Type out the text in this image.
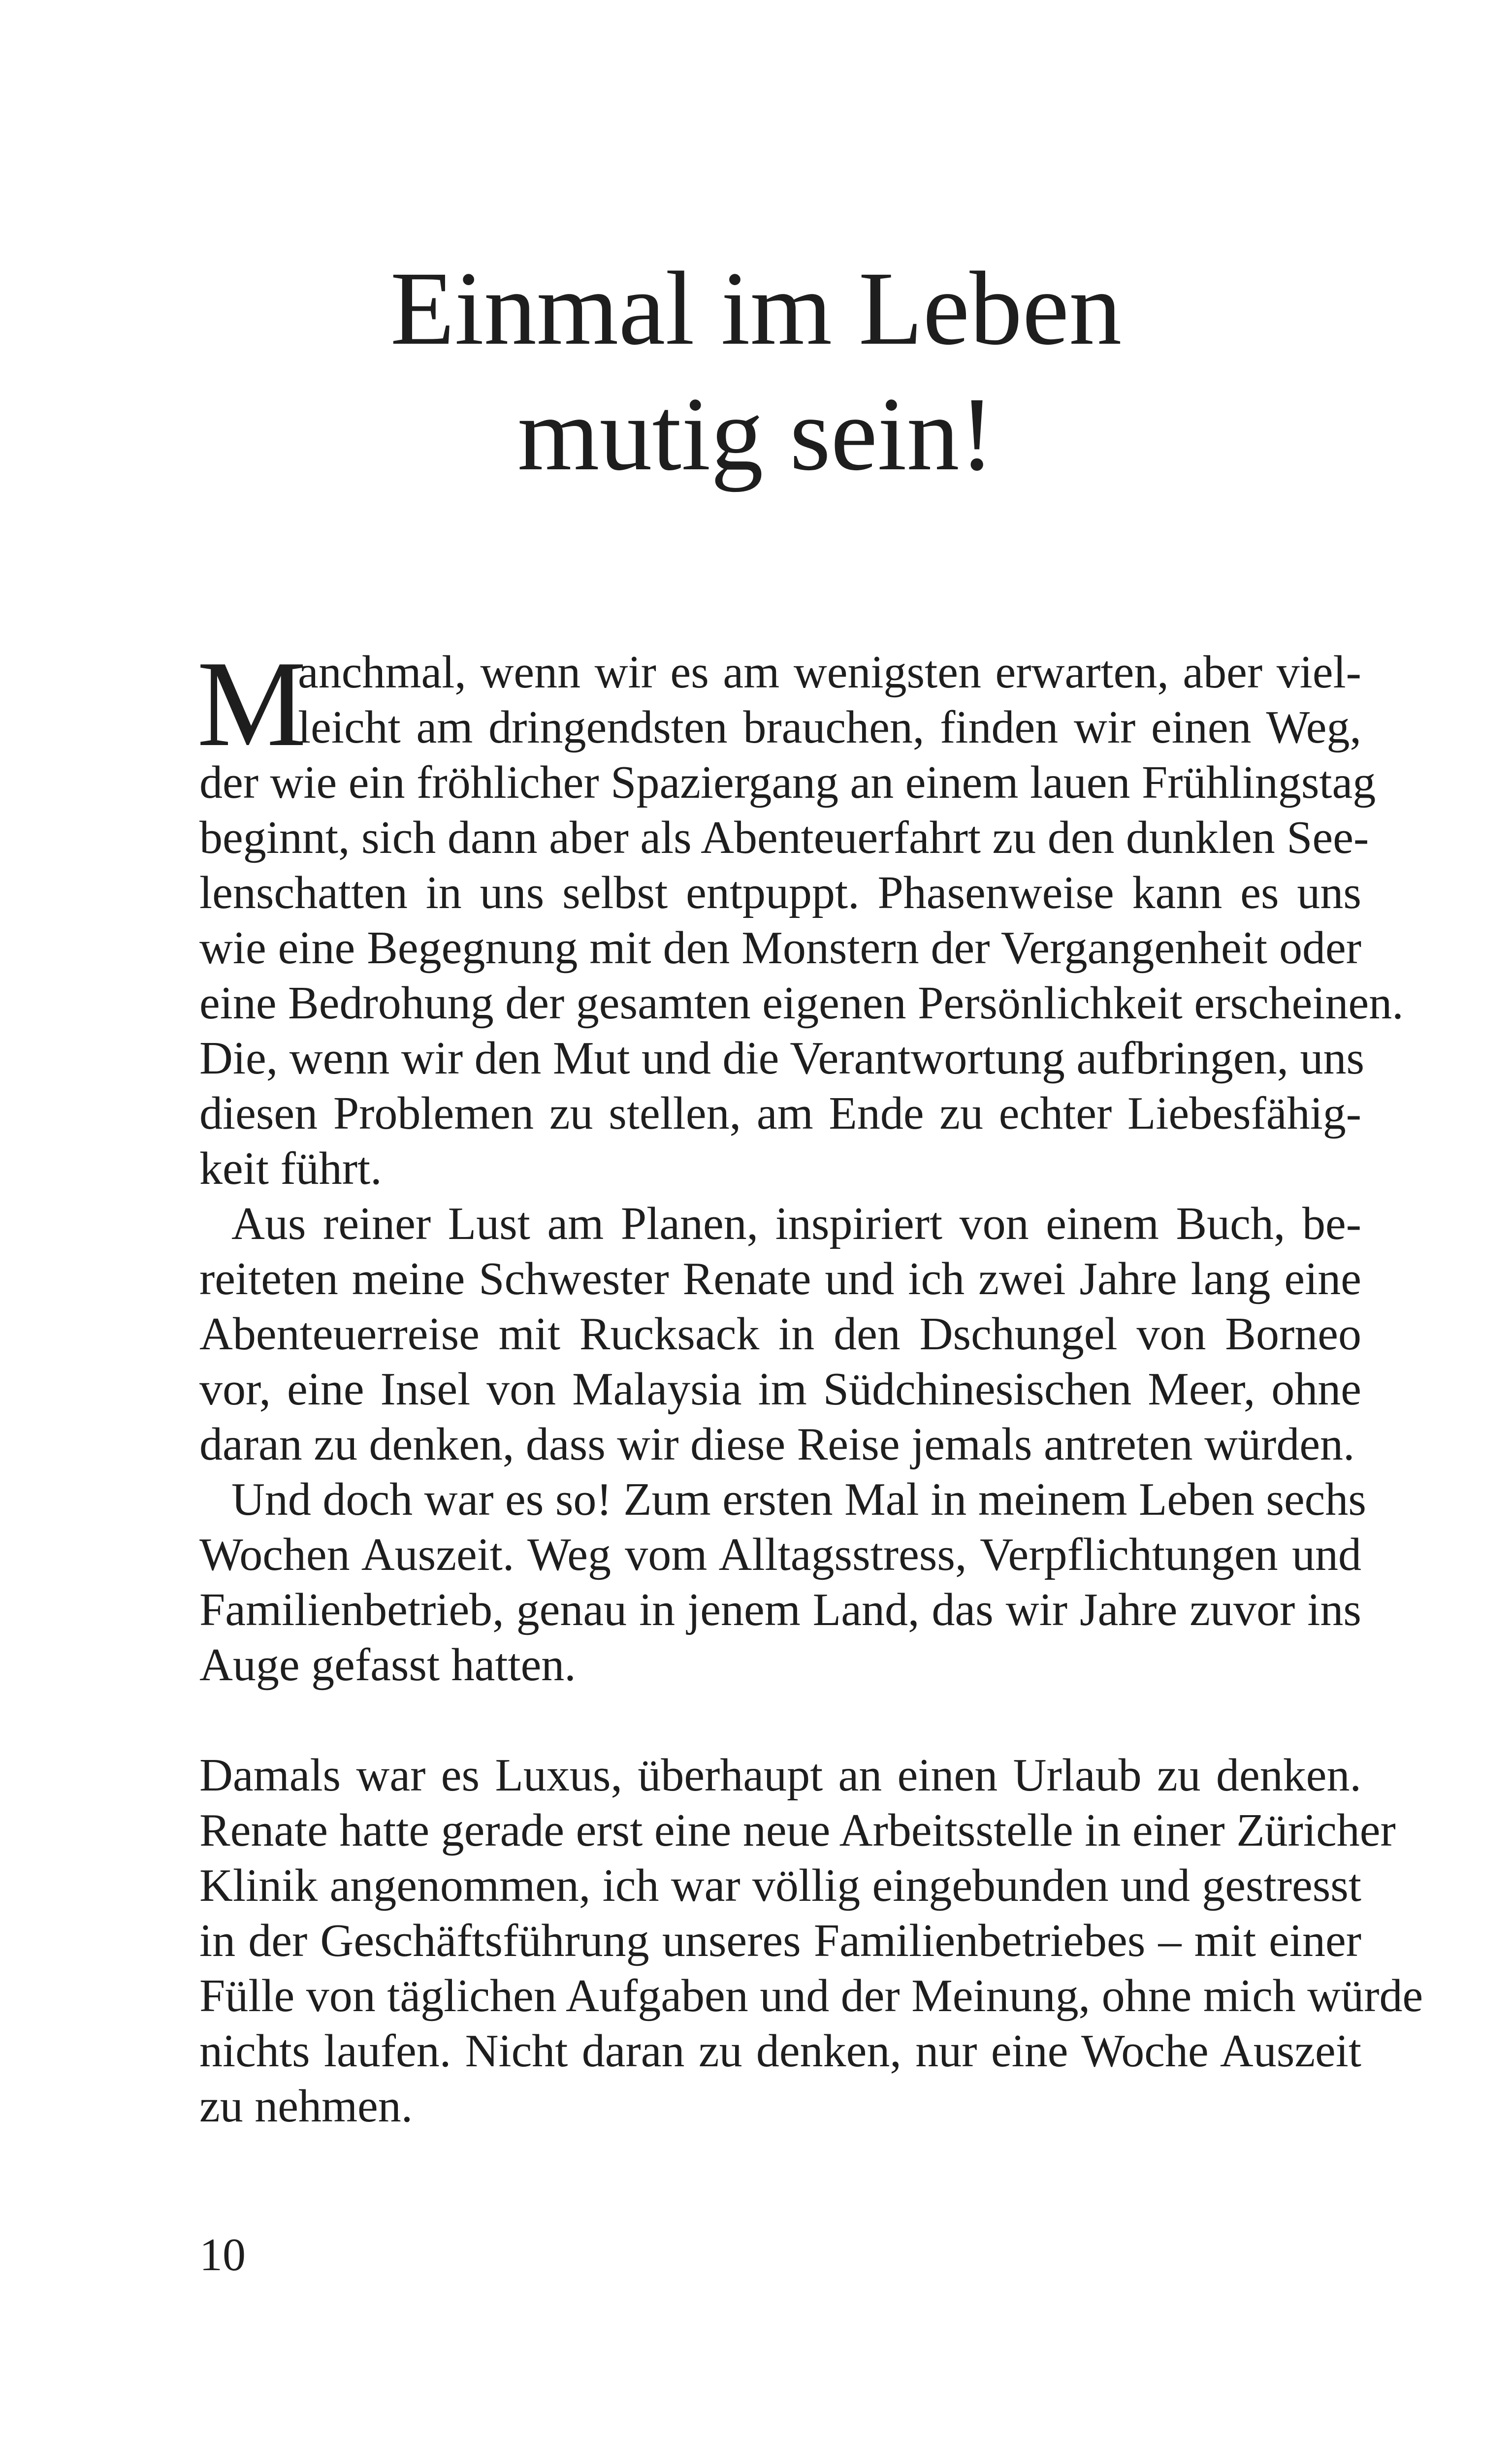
Einmal im Leben
mutig sein!
M
anchmal, wenn wir es am wenigsten erwarten, aber viel-
leicht am dringendsten brauchen, finden wir einen Weg,
der wie ein fröhlicher Spaziergang an einem lauen Frühlingstag
beginnt, sich dann aber als Abenteuerfahrt zu den dunklen See-
lenschatten in uns selbst entpuppt. Phasenweise kann es uns
wie eine Begegnung mit den Monstern der Vergangenheit oder
eine Bedrohung der gesamten eigenen Persönlichkeit erscheinen.
Die, wenn wir den Mut und die Verantwortung aufbringen, uns
diesen Problemen zu stellen, am Ende zu echter Liebesfähig-
keit führt.
Aus reiner Lust am Planen, inspiriert von einem Buch, be-
reiteten meine Schwester Renate und ich zwei Jahre lang eine
Abenteuerreise mit Rucksack in den Dschungel von Borneo
vor, eine Insel von Malaysia im Südchinesischen Meer, ohne
daran zu denken, dass wir diese Reise jemals antreten würden.
Und doch war es so! Zum ersten Mal in meinem Leben sechs
Wochen Auszeit. Weg vom Alltagsstress, Verpflichtungen und
Familienbetrieb, genau in jenem Land, das wir Jahre zuvor ins
Auge gefasst hatten.
Damals war es Luxus, überhaupt an einen Urlaub zu denken.
Renate hatte gerade erst eine neue Arbeitsstelle in einer Züricher
Klinik angenommen, ich war völlig eingebunden und gestresst
in der Geschäftsführung unseres Familienbetriebes – mit einer
Fülle von täglichen Aufgaben und der Meinung, ohne mich würde
nichts laufen. Nicht daran zu denken, nur eine Woche Auszeit
zu nehmen.
10
